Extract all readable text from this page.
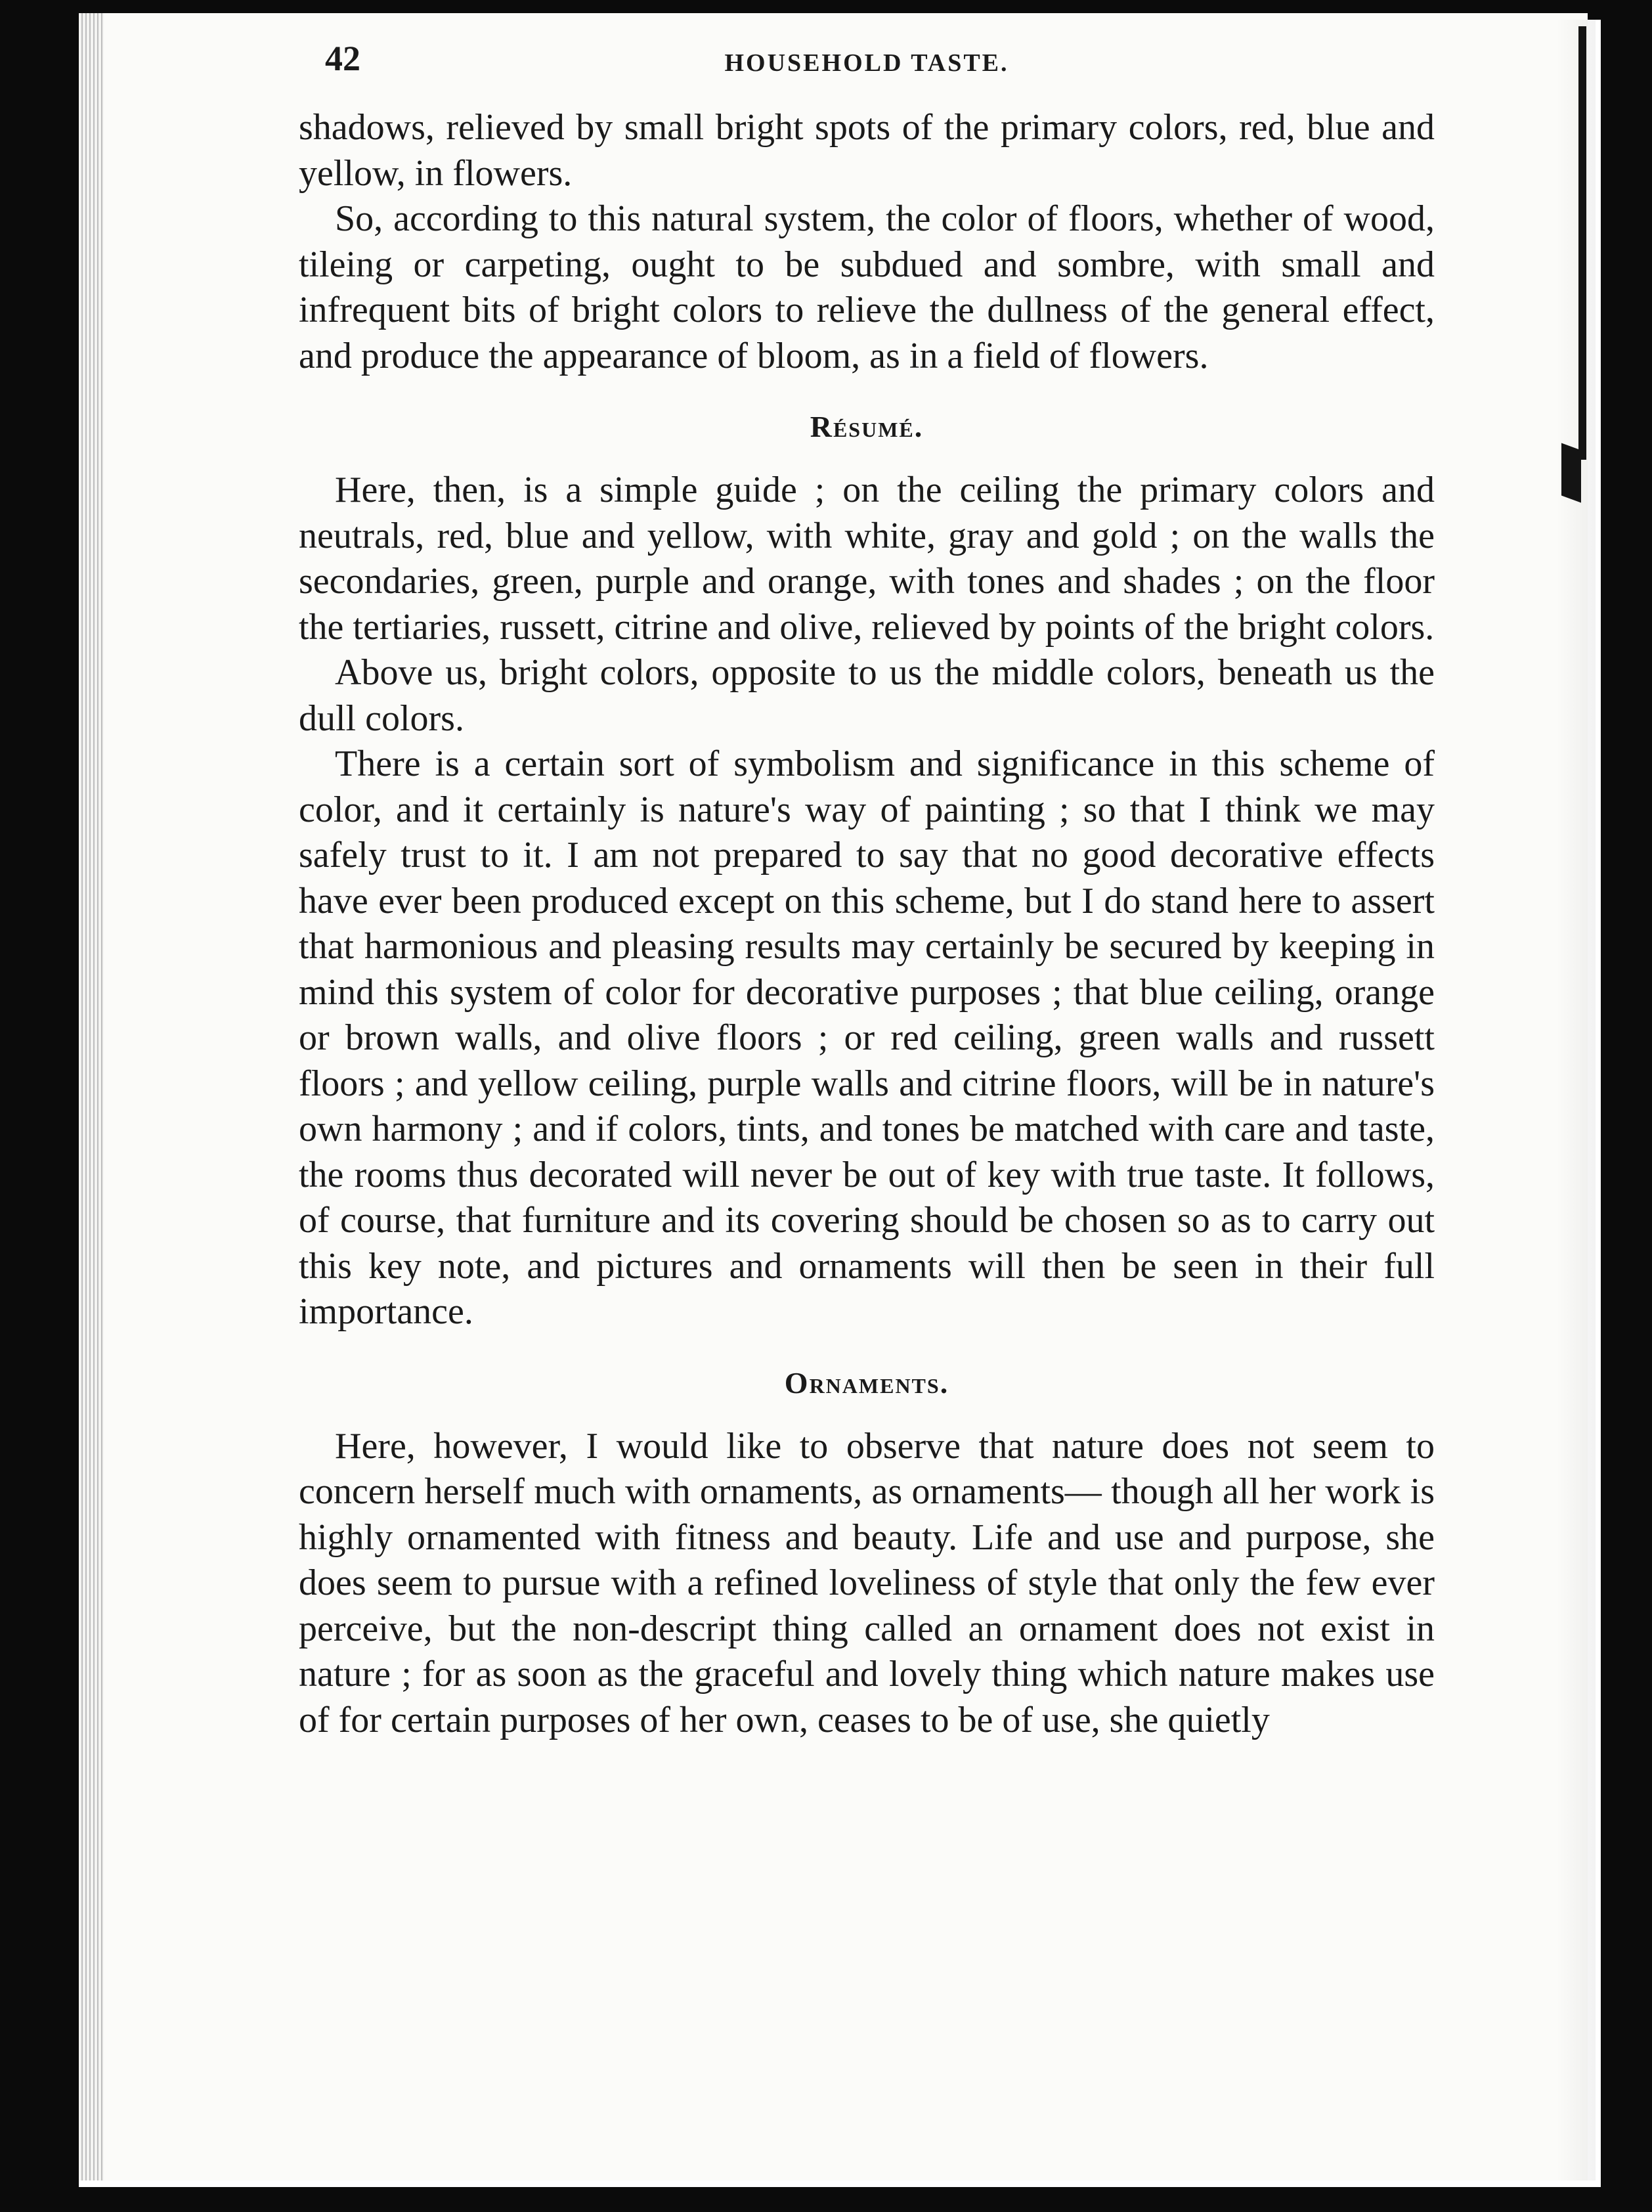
42	HOUSEHOLD TASTE.

shadows, relieved by small bright spots of the primary colors, red, blue and yellow, in flowers.

So, according to this natural system, the color of floors, whether of wood, tileing or carpeting, ought to be subdued and sombre, with small and infrequent bits of bright colors to relieve the dullness of the general effect, and produce the appearance of bloom, as in a field of flowers.

Résumé.

Here, then, is a simple guide ; on the ceiling the primary colors and neutrals, red, blue and yellow, with white, gray and gold ; on the walls the secondaries, green, purple and orange, with tones and shades ; on the floor the tertiaries, russett, citrine and olive, relieved by points of the bright colors.

Above us, bright colors, opposite to us the middle colors, beneath us the dull colors.

There is a certain sort of symbolism and significance in this scheme of color, and it certainly is nature's way of painting ; so that I think we may safely trust to it. I am not prepared to say that no good decorative effects have ever been produced except on this scheme, but I do stand here to assert that harmonious and pleasing results may certainly be secured by keeping in mind this system of color for decorative purposes ; that blue ceiling, orange or brown walls, and olive floors ; or red ceiling, green walls and russett floors ; and yellow ceiling, purple walls and citrine floors, will be in nature's own harmony ; and if colors, tints, and tones be matched with care and taste, the rooms thus decorated will never be out of key with true taste. It follows, of course, that furniture and its covering should be chosen so as to carry out this key note, and pictures and ornaments will then be seen in their full importance.

Ornaments.

Here, however, I would like to observe that nature does not seem to concern herself much with ornaments, as ornaments— though all her work is highly ornamented with fitness and beauty. Life and use and purpose, she does seem to pursue with a refined loveliness of style that only the few ever perceive, but the non-descript thing called an ornament does not exist in nature ; for as soon as the graceful and lovely thing which nature makes use of for certain purposes of her own, ceases to be of use, she quietly
